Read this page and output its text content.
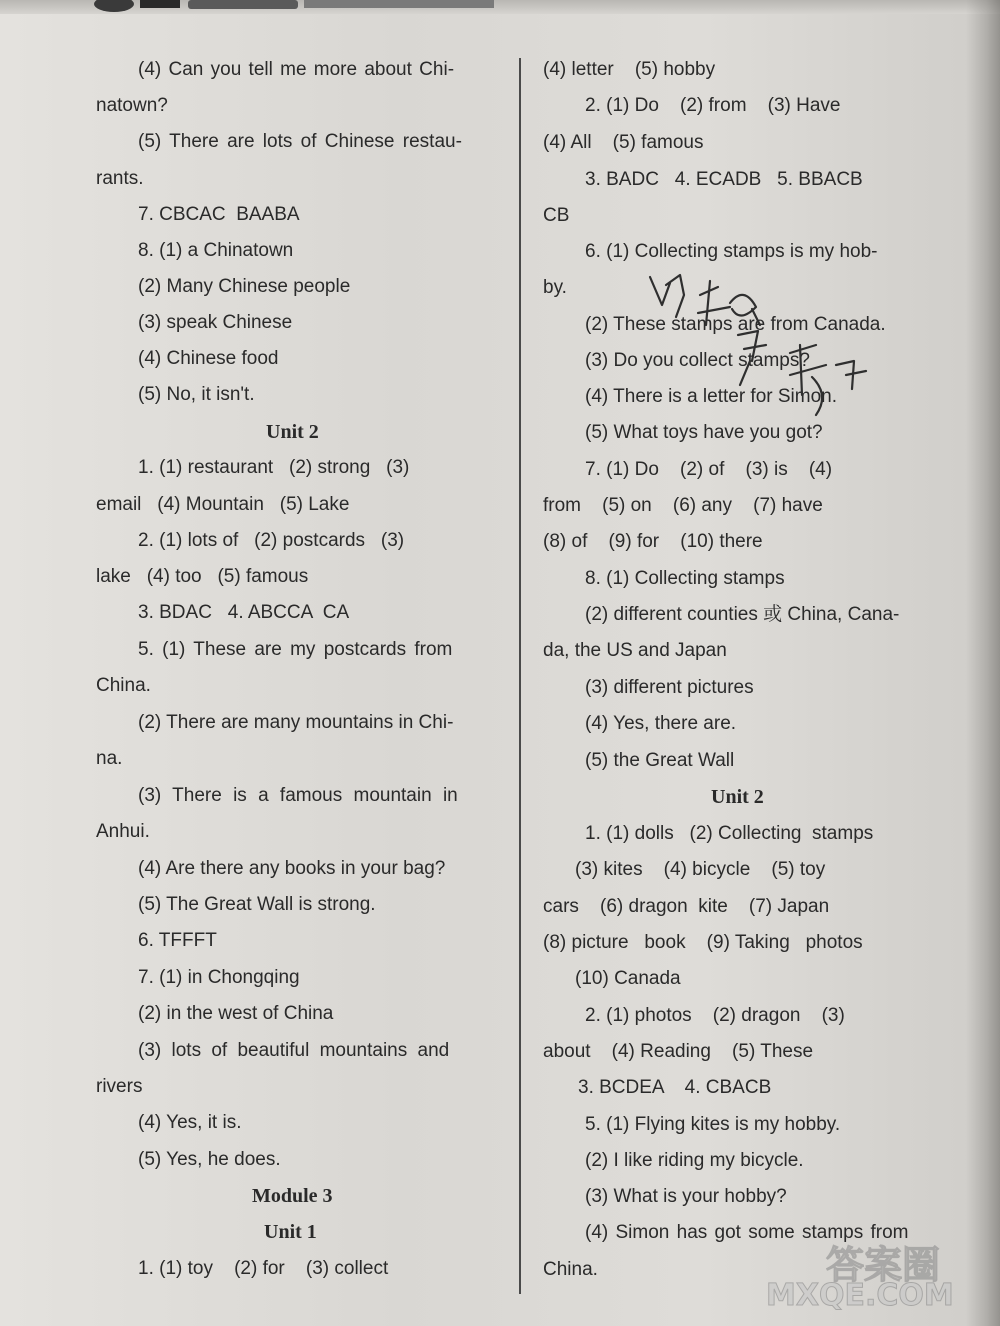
(4) Can you tell me more about Chi-
natown?
(5) There are lots of Chinese restau-
rants.
7. CBCAC  BAABA
8. (1) a Chinatown
(2) Many Chinese people
(3) speak Chinese
(4) Chinese food
(5) No, it isn't.
Unit 2
1. (1) restaurant   (2) strong   (3)
email   (4) Mountain   (5) Lake
2. (1) lots of   (2) postcards   (3)
lake   (4) too   (5) famous
3. BDAC   4. ABCCA  CA
5. (1) These are my postcards from
China.
(2) There are many mountains in Chi-
na.
(3) There is a famous mountain in
Anhui.
(4) Are there any books in your bag?
(5) The Great Wall is strong.
6. TFFFT
7. (1) in Chongqing
(2) in the west of China
(3) lots of beautiful mountains and
rivers
(4) Yes, it is.
(5) Yes, he does.
Module 3
Unit 1
1. (1) toy    (2) for    (3) collect
(4) letter    (5) hobby
2. (1) Do    (2) from    (3) Have
(4) All    (5) famous
3. BADC   4. ECADB   5. BBACB
CB
6. (1) Collecting stamps is my hob-
by.
(2) These stamps are from Canada.
(3) Do you collect stamps?
(4) There is a letter for Simon.
(5) What toys have you got?
7. (1) Do    (2) of    (3) is    (4)
from    (5) on    (6) any    (7) have
(8) of    (9) for    (10) there
8. (1) Collecting stamps
(2) different counties 或 China, Cana-
da, the US and Japan
(3) different pictures
(4) Yes, there are.
(5) the Great Wall
Unit 2
1. (1) dolls   (2) Collecting  stamps
(3) kites    (4) bicycle    (5) toy
cars    (6) dragon  kite    (7) Japan
(8) picture   book    (9) Taking   photos
(10) Canada
2. (1) photos    (2) dragon    (3)
about    (4) Reading    (5) These
3. BCDEA    4. CBACB
5. (1) Flying kites is my hobby.
(2) I like riding my bicycle.
(3) What is your hobby?
(4) Simon has got some stamps from
China.	答案圈
MXQE.COM
